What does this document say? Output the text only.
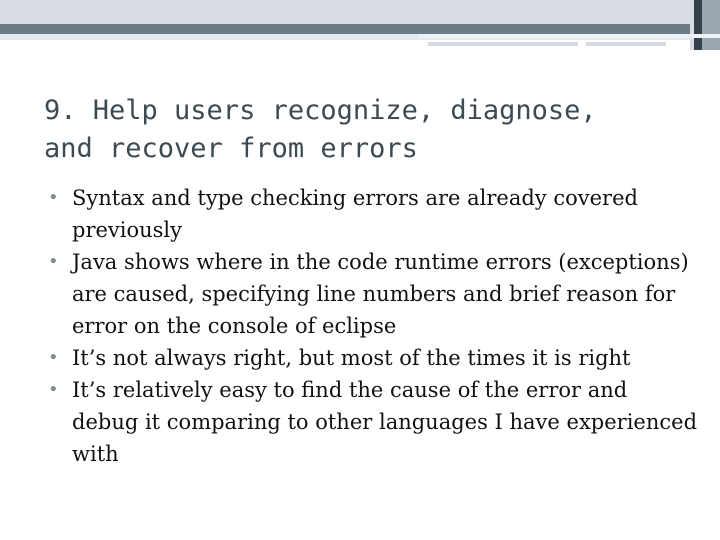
9. Help users recognize, diagnose,
and recover from errors
• Syntax and type checking errors are already covered previously
• Java shows where in the code runtime errors (exceptions) are caused, specifying line numbers and brief reason for error on the console of eclipse
• It’s not always right, but most of the times it is right
• It’s relatively easy to find the cause of the error and debug it comparing to other languages I have experienced with
